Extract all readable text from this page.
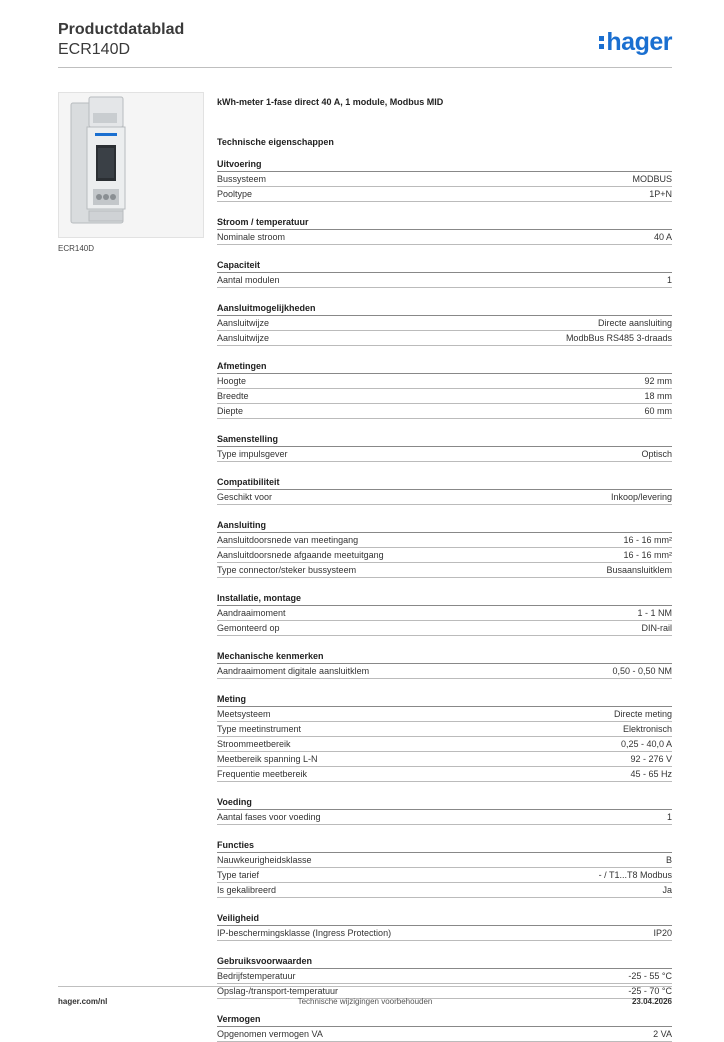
Productdatablad
ECR140D	hager
ECR140D
kWh-meter 1-fase direct 40 A, 1 module, Modbus MID
Technische eigenschappen
Uitvoering
Bussysteem	MODBUS
Pooltype	1P+N
Stroom / temperatuur
Nominale stroom	40 A
Capaciteit
Aantal modulen	1
Aansluitmogelijkheden
Aansluitwijze	Directe aansluiting
Aansluitwijze	ModbBus RS485 3-draads
Afmetingen
Hoogte	92 mm
Breedte	18 mm
Diepte	60 mm
Samenstelling
Type impulsgever	Optisch
Compatibiliteit
Geschikt voor	Inkoop/levering
Aansluiting
Aansluitdoorsnede van meetingang	16 - 16 mm²
Aansluitdoorsnede afgaande meetuitgang	16 - 16 mm²
Type connector/steker bussysteem	Busaansluitklem
Installatie, montage
Aandraaimoment	1 - 1 NM
Gemonteerd op	DIN-rail
Mechanische kenmerken
Aandraaimoment digitale aansluitklem	0,50 - 0,50 NM
Meting
Meetsysteem	Directe meting
Type meetinstrument	Elektronisch
Stroommeetbereik	0,25 - 40,0 A
Meetbereik spanning L-N	92 - 276 V
Frequentie meetbereik	45 - 65 Hz
Voeding
Aantal fases voor voeding	1
Functies
Nauwkeurigheidsklasse	B
Type tarief	- / T1...T8 Modbus
Is gekalibreerd	Ja
Veiligheid
IP-beschermingsklasse (Ingress Protection)	IP20
Gebruiksvoorwaarden
Bedrijfstemperatuur	-25 - 55 °C
Opslag-/transport-temperatuur	-25 - 70 °C
Vermogen
Opgenomen vermogen VA	2 VA
hager.com/nl	Technische wijzigingen voorbehouden	23.04.2026
